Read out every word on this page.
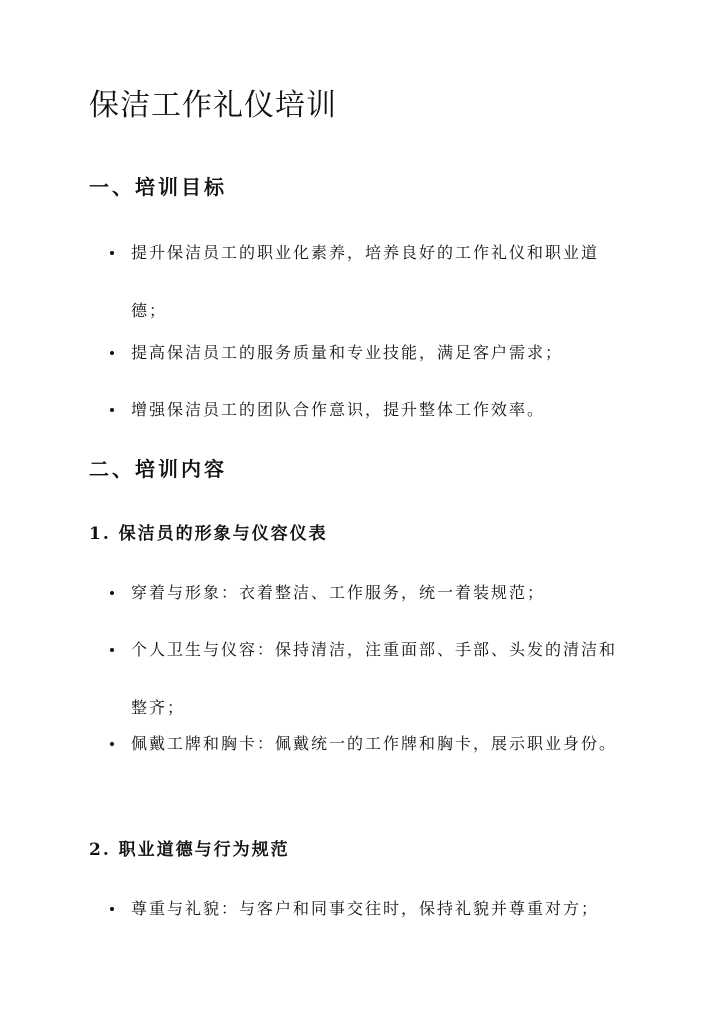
保洁工作礼仪培训
一、培训目标
提升保洁员工的职业化素养，培养良好的工作礼仪和职业道德；
提高保洁员工的服务质量和专业技能，满足客户需求；
增强保洁员工的团队合作意识，提升整体工作效率。
二、培训内容
1. 保洁员的形象与仪容仪表
穿着与形象：衣着整洁、工作服务，统一着装规范；
个人卫生与仪容：保持清洁，注重面部、手部、头发的清洁和整齐；
佩戴工牌和胸卡：佩戴统一的工作牌和胸卡，展示职业身份。
2. 职业道德与行为规范
尊重与礼貌：与客户和同事交往时，保持礼貌并尊重对方；
